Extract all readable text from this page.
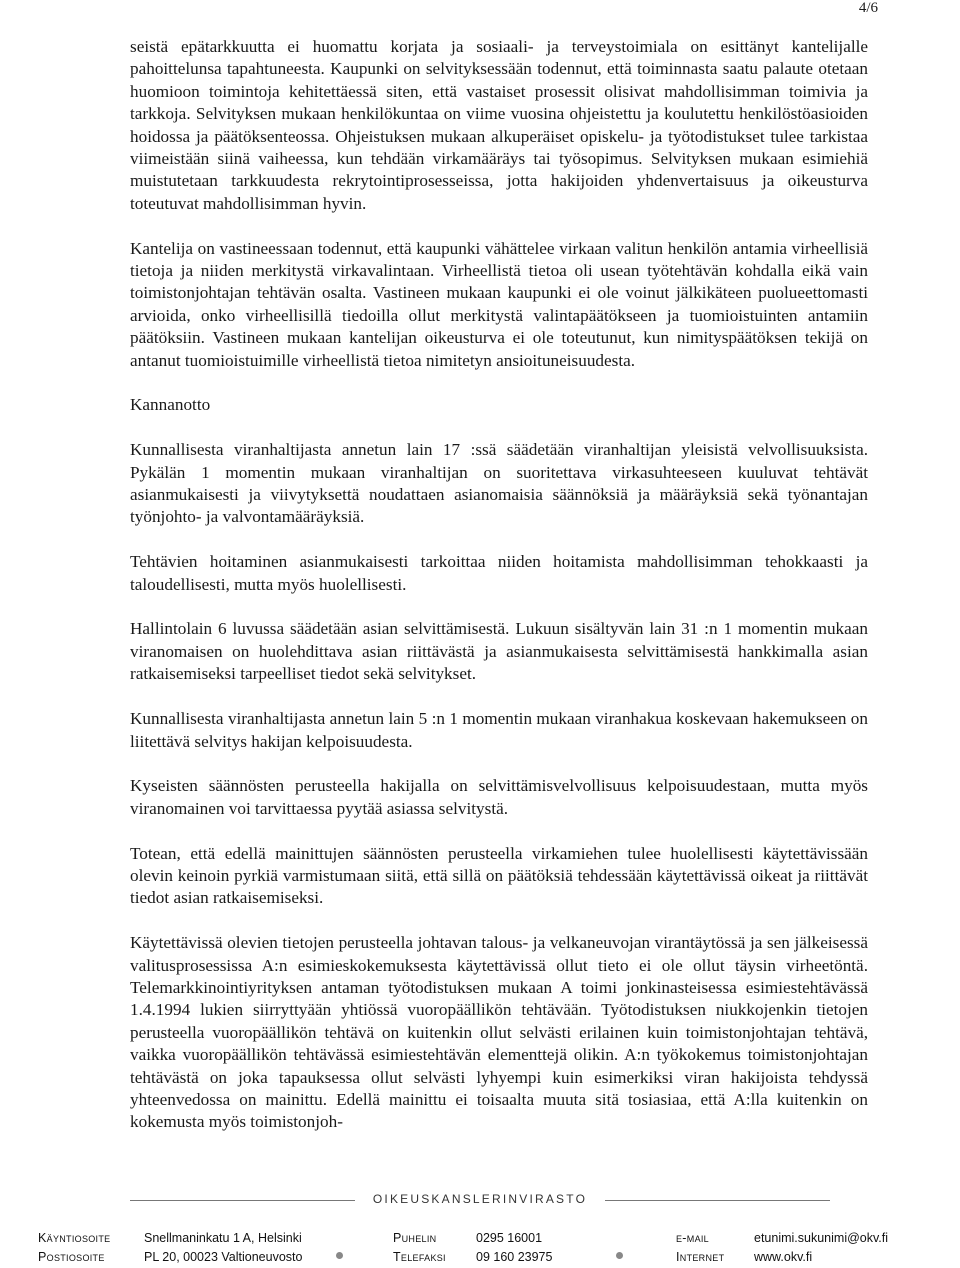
4/6

seistä epätarkkuutta ei huomattu korjata ja sosiaali- ja terveystoimiala on esittänyt kantelijalle pahoittelunsa tapahtuneesta. Kaupunki on selvityksessään todennut, että toiminnasta saatu palaute otetaan huomioon toimintoja kehitettäessä siten, että vastaiset prosessit olisivat mahdollisimman toimivia ja tarkkoja. Selvityksen mukaan henkilökuntaa on viime vuosina ohjeistettu ja koulutettu henkilöstöasioiden hoidossa ja päätöksenteossa. Ohjeistuksen mukaan alkuperäiset opiskelu- ja työtodistukset tulee tarkistaa viimeistään siinä vaiheessa, kun tehdään virkamääräys tai työsopimus. Selvityksen mukaan esimiehiä muistutetaan tarkkuudesta rekrytointiprosesseissa, jotta hakijoiden yhdenvertaisuus ja oikeusturva toteutuvat mahdollisimman hyvin.

Kantelija on vastineessaan todennut, että kaupunki vähättelee virkaan valitun henkilön antamia virheellisiä tietoja ja niiden merkitystä virkavalintaan. Virheellistä tietoa oli usean työtehtävän kohdalla eikä vain toimistonjohtajan tehtävän osalta. Vastineen mukaan kaupunki ei ole voinut jälkikäteen puolueettomasti arvioida, onko virheellisillä tiedoilla ollut merkitystä valintapäätökseen ja tuomioistuinten antamiin päätöksiin. Vastineen mukaan kantelijan oikeusturva ei ole toteutunut, kun nimityspäätöksen tekijä on antanut tuomioistuimille virheellistä tietoa nimitetyn ansioituneisuudesta.

Kannanotto

Kunnallisesta viranhaltijasta annetun lain 17 :ssä säädetään viranhaltijan yleisistä velvollisuuksista. Pykälän 1 momentin mukaan viranhaltijan on suoritettava virkasuhteeseen kuuluvat tehtävät asianmukaisesti ja viivytyksettä noudattaen asianomaisia säännöksiä ja määräyksiä sekä työnantajan työnjohto- ja valvontamääräyksiä.

Tehtävien hoitaminen asianmukaisesti tarkoittaa niiden hoitamista mahdollisimman tehokkaasti ja taloudellisesti, mutta myös huolellisesti.

Hallintolain 6 luvussa säädetään asian selvittämisestä. Lukuun sisältyvän lain 31 :n 1 momentin mukaan viranomaisen on huolehdittava asian riittävästä ja asianmukaisesta selvittämisestä hankkimalla asian ratkaisemiseksi tarpeelliset tiedot sekä selvitykset.

Kunnallisesta viranhaltijasta annetun lain 5 :n 1 momentin mukaan viranhakua koskevaan hakemukseen on liitettävä selvitys hakijan kelpoisuudesta.

Kyseisten säännösten perusteella hakijalla on selvittämisvelvollisuus kelpoisuudestaan, mutta myös viranomainen voi tarvittaessa pyytää asiassa selvitystä.

Totean, että edellä mainittujen säännösten perusteella virkamiehen tulee huolellisesti käytettävissään olevin keinoin pyrkiä varmistumaan siitä, että sillä on päätöksiä tehdessään käytettävissä oikeat ja riittävät tiedot asian ratkaisemiseksi.

Käytettävissä olevien tietojen perusteella johtavan talous- ja velkaneuvojan virantäytössä ja sen jälkeisessä valitusprosessissa A:n esimieskokemuksesta käytettävissä ollut tieto ei ole ollut täysin virheetöntä. Telemarkkinointiyrityksen antaman työtodistuksen mukaan A toimi jonkinasteisessa esimiestehtävässä 1.4.1994 lukien siirryttyään yhtiössä vuoropäällikön tehtävään. Työtodistuksen niukkojenkin tietojen perusteella vuoropäällikön tehtävä on kuitenkin ollut selvästi erilainen kuin toimistonjohtajan tehtävä, vaikka vuoropäällikön tehtävässä esimiestehtävän elementtejä olikin. A:n työkokemus toimistonjohtajan tehtävästä on joka tapauksessa ollut selvästi lyhyempi kuin esimerkiksi viran hakijoista tehdyssä yhteenvedossa on mainittu. Edellä mainittu ei toisaalta muuta sitä tosiasiaa, että A:lla kuitenkin on kokemusta myös toimistonjoh-

OIKEUSKANSLERINVIRASTO
Käyntiosoite	Snellmaninkatu 1 A, Helsinki	Puhelin	0295 16001	e-mail	etunimi.sukunimi@okv.fi
Postiosoite	PL 20, 00023 Valtioneuvosto	Telefaksi 09 160 23975	Internet www.okv.fi
